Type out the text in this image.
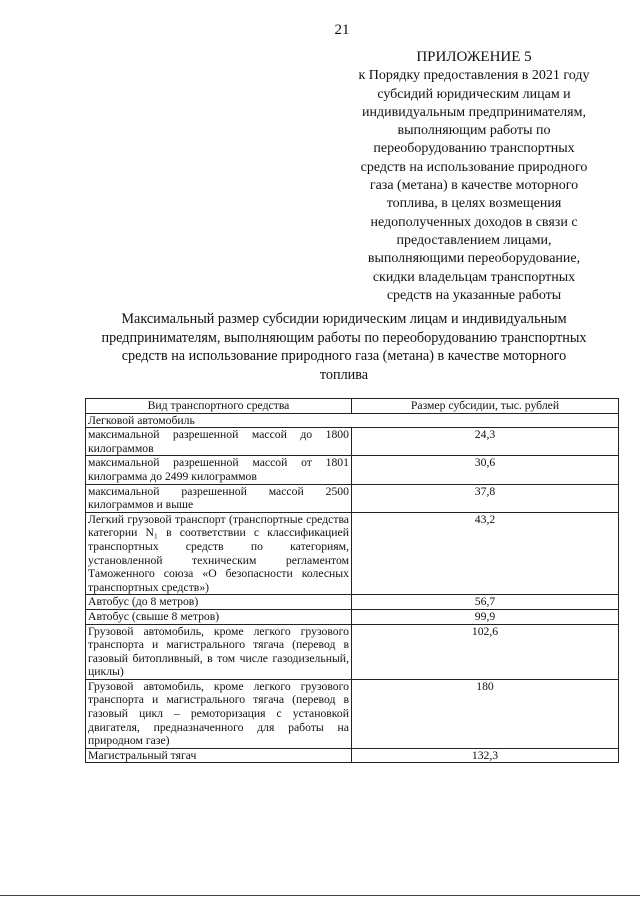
21
ПРИЛОЖЕНИЕ 5
к Порядку предоставления в 2021 году
субсидий юридическим лицам и
индивидуальным предпринимателям,
выполняющим работы по
переоборудованию транспортных
средств на использование природного
газа (метана) в качестве моторного
топлива, в целях возмещения
недополученных доходов в связи с
предоставлением лицами,
выполняющими переоборудование,
скидки владельцам транспортных
средств на указанные работы
Максимальный размер субсидии юридическим лицам и индивидуальным
предпринимателям, выполняющим работы по переоборудованию транспортных
средств на использование природного газа (метана) в качестве моторного
топлива
Вид транспортного средства	Размер субсидии, тыс. рублей
Легковой автомобиль	
максимальной разрешенной массой до 1800 килограммов	24,3
максимальной разрешенной массой от 1801 килограмма до 2499 килограммов	30,6
максимальной разрешенной массой 2500 килограммов и выше	37,8
Легкий грузовой транспорт (транспортные средства категории N₁ в соответствии с классификацией транспортных средств по категориям, установленной техническим регламентом Таможенного союза «О безопасности колесных транспортных средств»)	43,2
Автобус (до 8 метров)	56,7
Автобус (свыше 8 метров)	99,9
Грузовой автомобиль, кроме легкого грузового транспорта и магистрального тягача (перевод в газовый битопливный, в том числе газодизельный, циклы)	102,6
Грузовой автомобиль, кроме легкого грузового транспорта и магистрального тягача (перевод в газовый цикл – ремоторизация с установкой двигателя, предназначенного для работы на природном газе)	180
Магистральный тягач	132,3
